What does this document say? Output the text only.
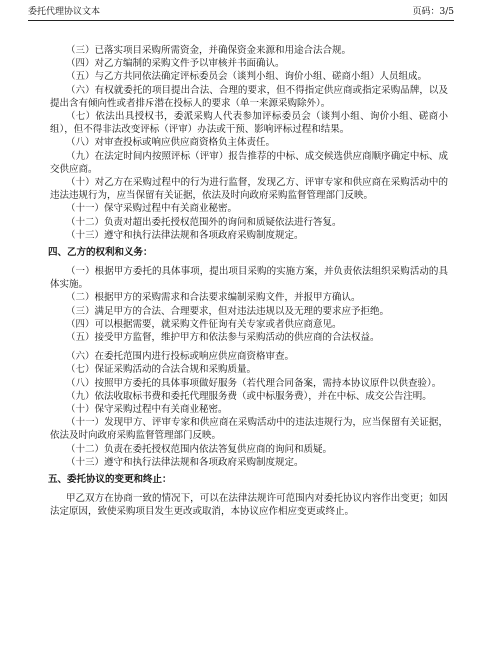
委托代理协议文本	页码：3/5

（三）已落实项目采购所需资金，并确保资金来源和用途合法合规。

（四）对乙方编制的采购文件予以审核并书面确认。

（五）与乙方共同依法确定评标委员会（谈判小组、询价小组、磋商小组）人员组成。

（六）有权就委托的项目提出合法、合理的要求，但不得指定供应商或指定采购品牌，以及提出含有倾向性或者排斥潜在投标人的要求（单一来源采购除外）。

（七）依法出具授权书，委派采购人代表参加评标委员会（谈判小组、询价小组、磋商小组），但不得非法改变评标（评审）办法或干预、影响评标过程和结果。

（八）对审查投标或响应供应商资格负主体责任。

（九）在法定时间内按照评标（评审）报告推荐的中标、成交候选供应商顺序确定中标、成交供应商。

（十）对乙方在采购过程中的行为进行监督，发现乙方、评审专家和供应商在采购活动中的违法违规行为，应当保留有关证据，依法及时向政府采购监督管理部门反映。

（十一）保守采购过程中有关商业秘密。

（十二）负责对超出委托授权范围外的询问和质疑依法进行答复。

（十三）遵守和执行法律法规和各项政府采购制度规定。

四、乙方的权利和义务：

（一）根据甲方委托的具体事项，提出项目采购的实施方案，并负责依法组织采购活动的具体实施。

（二）根据甲方的采购需求和合法要求编制采购文件，并报甲方确认。

（三）满足甲方的合法、合理要求，但对违法违规以及无理的要求应予拒绝。

（四）可以根据需要，就采购文件征询有关专家或者供应商意见。

（五）接受甲方监督，维护甲方和依法参与采购活动的供应商的合法权益。

（六）在委托范围内进行投标或响应供应商资格审查。

（七）保证采购活动的合法合规和采购质量。

（八）按照甲方委托的具体事项做好服务（若代理合同备案，需持本协议原件以供查验）。

（九）依法收取标书费和委托代理服务费（或中标服务费），并在中标、成交公告注明。

（十）保守采购过程中有关商业秘密。

（十一）发现甲方、评审专家和供应商在采购活动中的违法违规行为，应当保留有关证据，依法及时向政府采购监督管理部门反映。

（十二）负责在委托授权范围内依法答复供应商的询问和质疑。

（十三）遵守和执行法律法规和各项政府采购制度规定。

五、委托协议的变更和终止：

甲乙双方在协商一致的情况下，可以在法律法规许可范围内对委托协议内容作出变更；如因法定原因，致使采购项目发生更改或取消，本协议应作相应变更或终止。
